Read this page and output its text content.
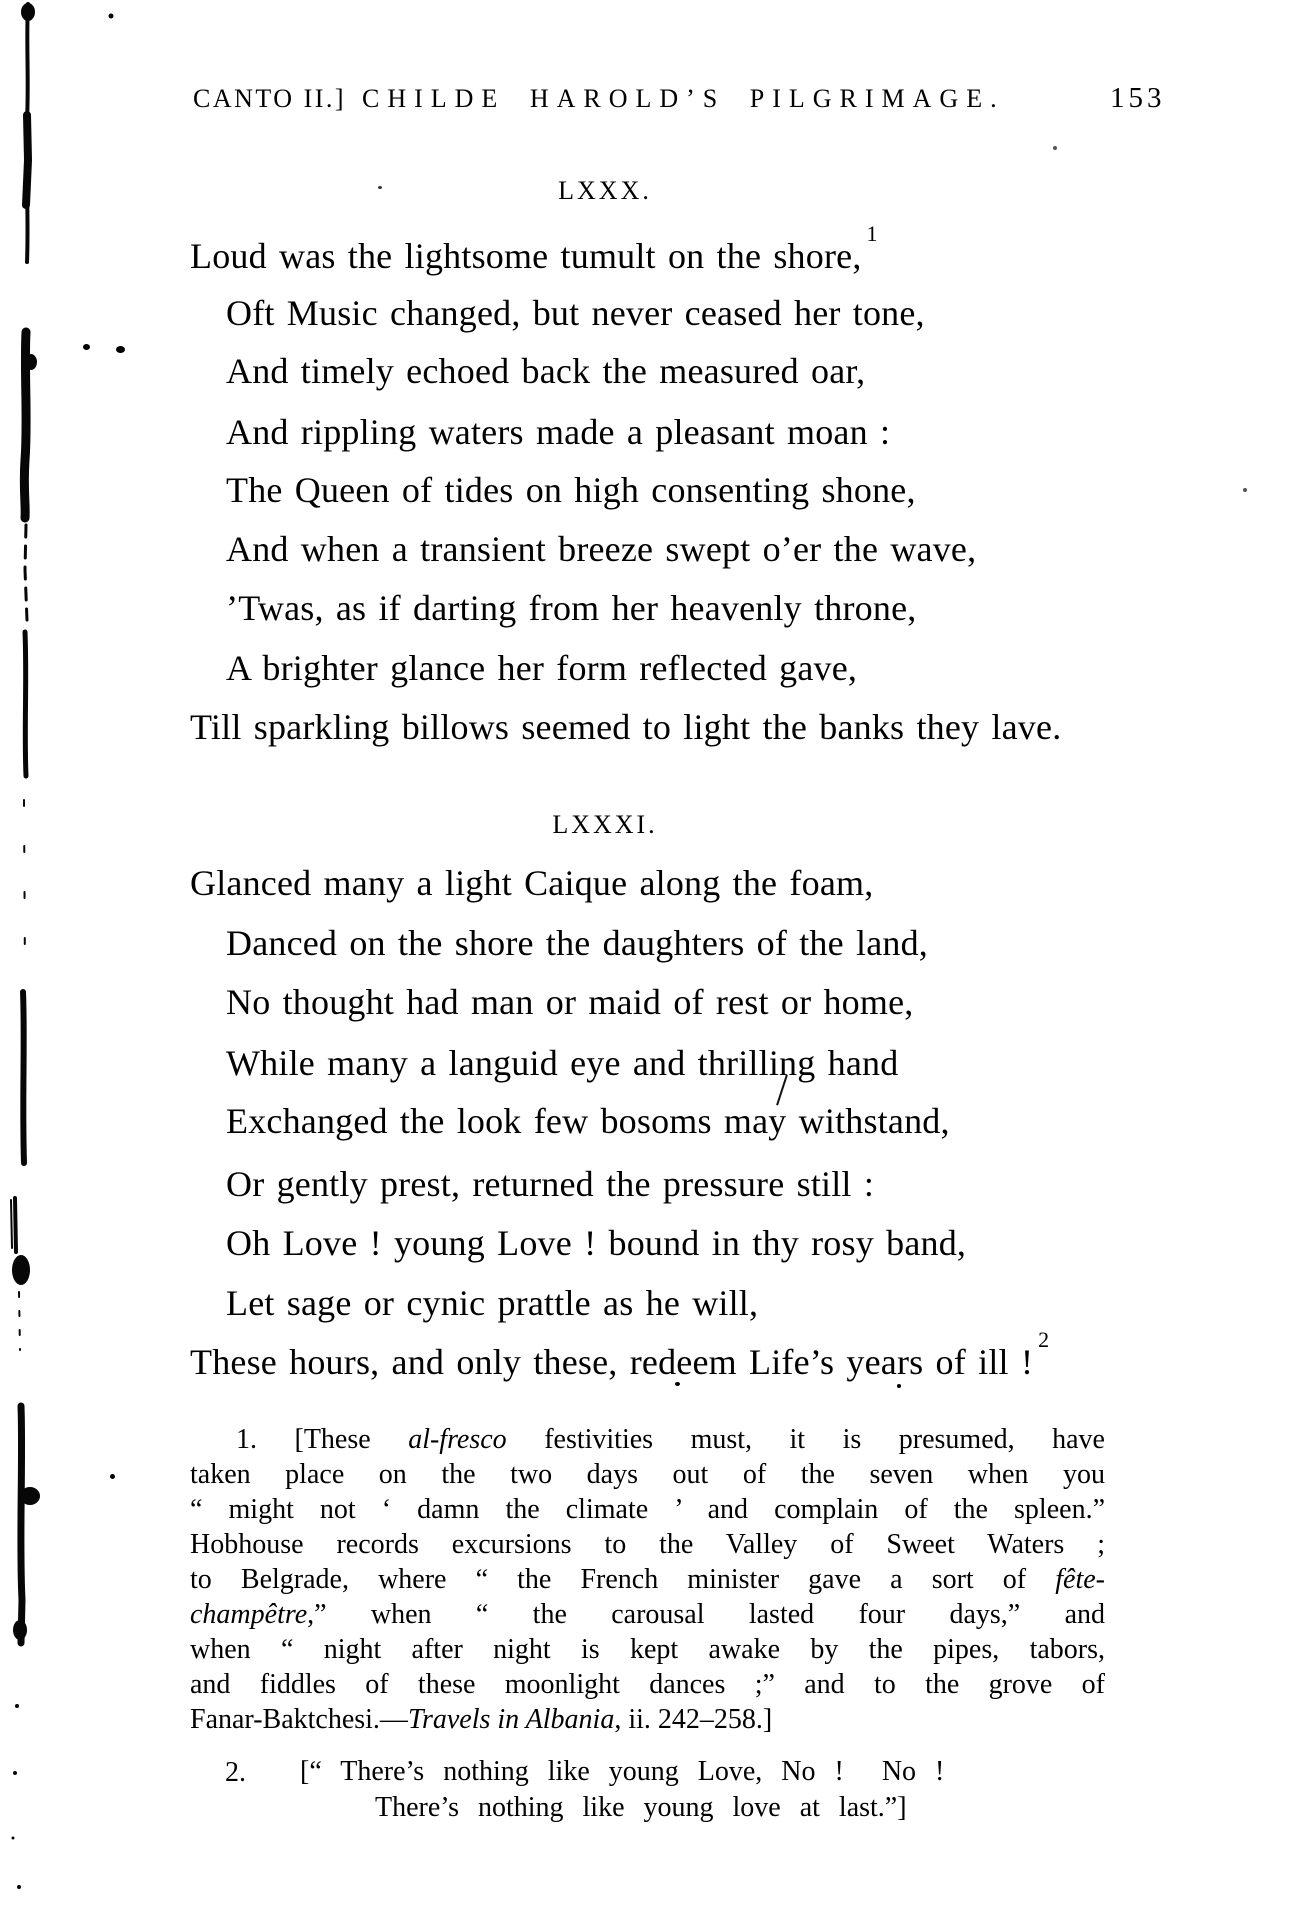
CANTO II.] CHILDE HAROLD’S PILGRIMAGE.	153
LXXX.
Loud was the lightsome tumult on the shore,$^1$
Oft Music changed, but never ceased her tone,
And timely echoed back the measured oar,
And rippling waters made a pleasant moan :
The Queen of tides on high consenting shone,
And when a transient breeze swept o’er the wave,
’Twas, as if darting from her heavenly throne,
A brighter glance her form reflected gave,
Till sparkling billows seemed to light the banks they lave.
LXXXI.
Glanced many a light Caique along the foam,
Danced on the shore the daughters of the land,
No thought had man or maid of rest or home,
While many a languid eye and thrilling hand
Exchanged the look few bosoms may withstand,
Or gently prest, returned the pressure still :
Oh Love ! young Love ! bound in thy rosy band,
Let sage or cynic prattle as he will,
These hours, and only these, redeem Life’s years of ill !$^2$
1. [These al-fresco festivities must, it is presumed, have
taken place on the two days out of the seven when you
“ might not ‘ damn the climate ’ and complain of the spleen.”
Hobhouse records excursions to the Valley of Sweet Waters ;
to Belgrade, where “ the French minister gave a sort of fête-
champêtre,” when “ the carousal lasted four days,” and
when “ night after night is kept awake by the pipes, tabors,
and fiddles of these moonlight dances ;” and to the grove of
Fanar-Baktchesi.—Travels in Albania, ii. 242–258.]
2. [“ There’s nothing like young Love, No !  No !
There’s nothing like young love at last.”]
